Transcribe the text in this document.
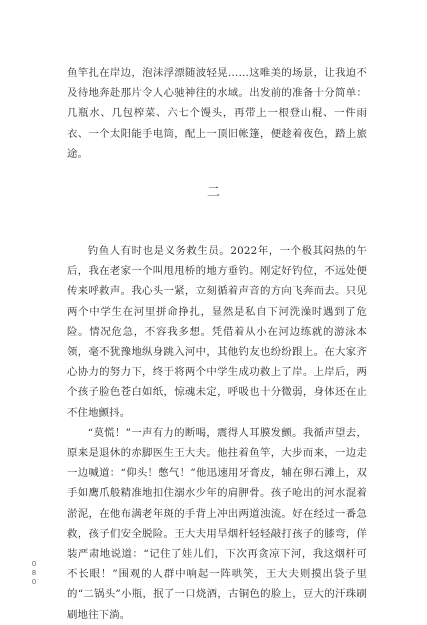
鱼竿扎在岸边，泡沫浮漂随波轻晃……这唯美的场景，让我迫不及待地奔赴那片令人心驰神往的水域。出发前的准备十分简单：几瓶水、几包榨菜、六七个馒头，再带上一根登山棍、一件雨衣、一个太阳能手电筒，配上一顶旧帐篷，便趁着夜色，踏上旅途。

二

钓鱼人有时也是义务救生员。2022年，一个极其闷热的午后，我在老家一个叫甩甩桥的地方垂钓。刚定好钓位，不远处便传来呼救声。我心头一紧，立刻循着声音的方向飞奔而去。只见两个中学生在河里拼命挣扎，显然是私自下河洗澡时遇到了危险。情况危急，不容我多想。凭借着从小在河边练就的游泳本领，毫不犹豫地纵身跳入河中，其他钓友也纷纷跟上。在大家齐心协力的努力下，终于将两个中学生成功救上了岸。上岸后，两个孩子脸色苍白如纸，惊魂未定，呼吸也十分微弱，身体还在止不住地颤抖。

“莫慌！”一声有力的断喝，震得人耳膜发颤。我循声望去，原来是退休的赤脚医生王大夫。他拄着鱼竿，大步而来，一边走一边喊道：“仰头！憋气！”他迅速用牙膏皮，辅在卵石滩上，双手如鹰爪般精准地扣住溺水少年的肩胛骨。孩子呛出的河水混着淤泥，在他布满老年斑的手背上冲出两道浊流。好在经过一番急救，孩子们安全脱险。王大夫用旱烟杆轻轻敲打孩子的膝弯，佯装严肃地说道：“记住了娃儿们，下次再贪凉下河，我这烟杆可不长眼！”围观的人群中响起一阵哄笑，王大夫则摸出袋子里的“二锅头”小瓶，抿了一口烧酒，古铜色的脸上，豆大的汗珠刷刷地往下淌。

080
